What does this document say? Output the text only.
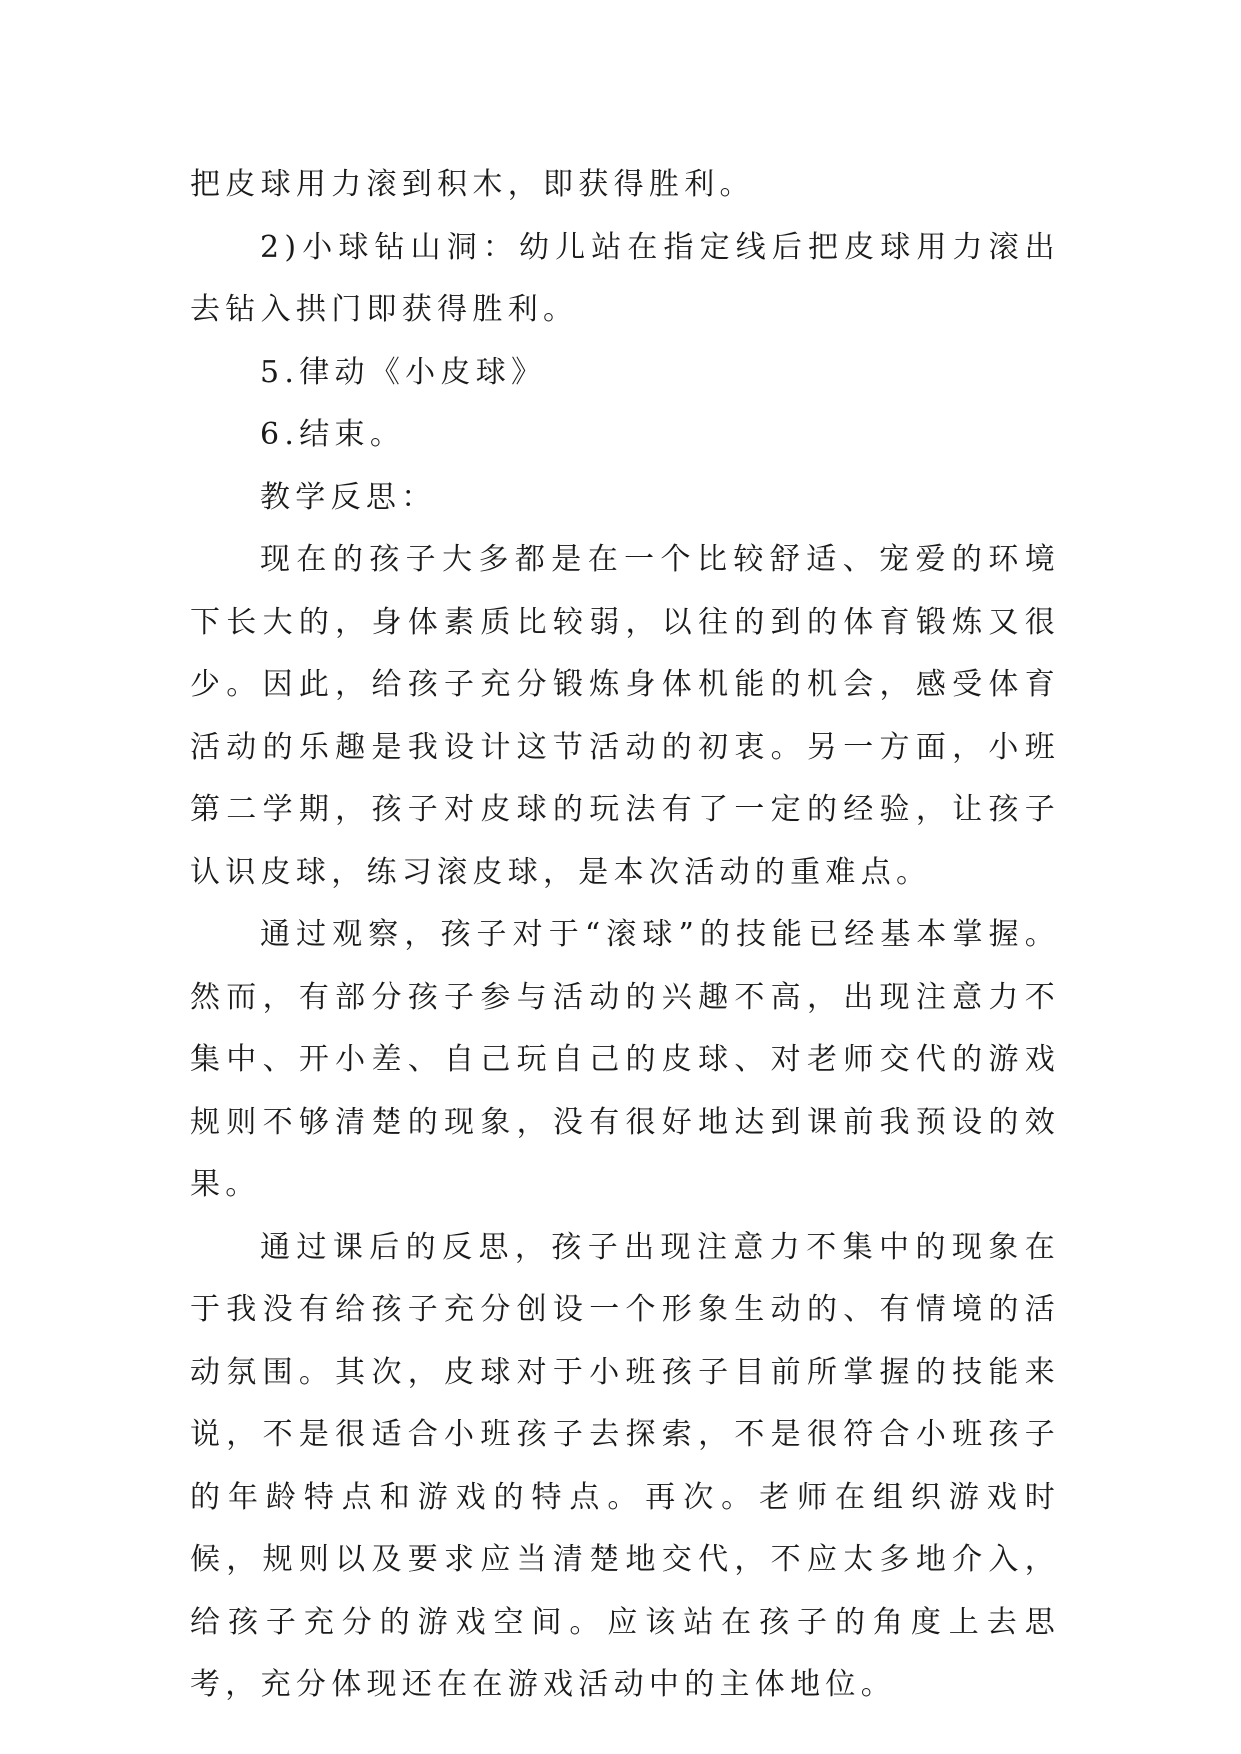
把皮球用力滚到积木，即获得胜利。

2)小球钻山洞：幼儿站在指定线后把皮球用力滚出去钻入拱门即获得胜利。

5.律动《小皮球》

6.结束。

教学反思：

现在的孩子大多都是在一个比较舒适、宠爱的环境下长大的，身体素质比较弱，以往的到的体育锻炼又很少。因此，给孩子充分锻炼身体机能的机会，感受体育活动的乐趣是我设计这节活动的初衷。另一方面，小班第二学期，孩子对皮球的玩法有了一定的经验，让孩子认识皮球，练习滚皮球，是本次活动的重难点。

通过观察，孩子对于“滚球”的技能已经基本掌握。然而，有部分孩子参与活动的兴趣不高，出现注意力不集中、开小差、自己玩自己的皮球、对老师交代的游戏规则不够清楚的现象，没有很好地达到课前我预设的效果。

通过课后的反思，孩子出现注意力不集中的现象在于我没有给孩子充分创设一个形象生动的、有情境的活动氛围。其次，皮球对于小班孩子目前所掌握的技能来说，不是很适合小班孩子去探索，不是很符合小班孩子的年龄特点和游戏的特点。再次。老师在组织游戏时候，规则以及要求应当清楚地交代，不应太多地介入，给孩子充分的游戏空间。应该站在孩子的角度上去思考，充分体现还在在游戏活动中的主体地位。
